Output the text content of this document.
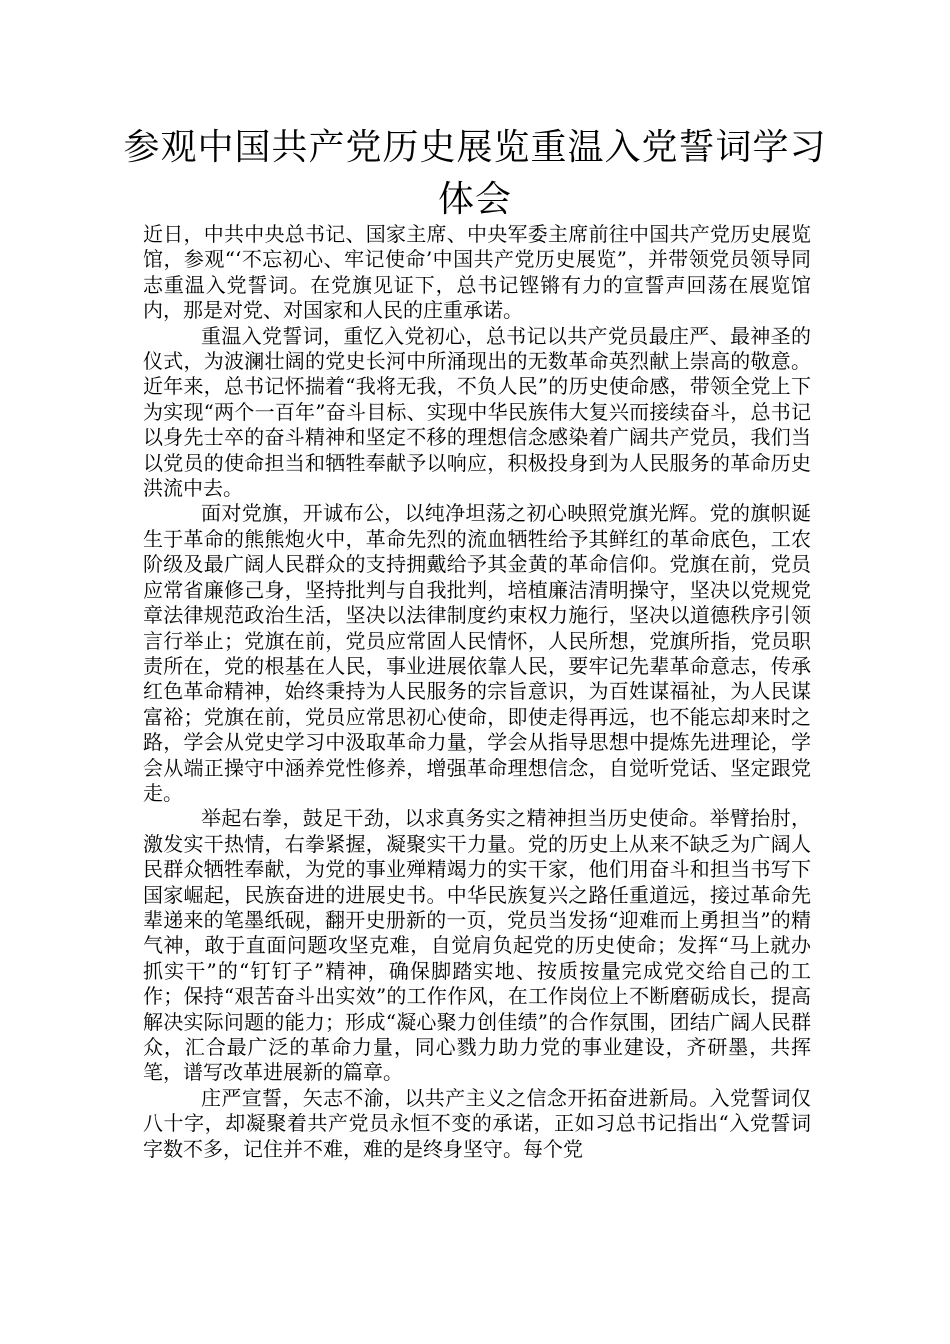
参观中国共产党历史展览重温入党誓词学习体会

近日，中共中央总书记、国家主席、中央军委主席前往中国共产党历史展览馆，参观“‘不忘初心、牢记使命’中国共产党历史展览”，并带领党员领导同志重温入党誓词。在党旗见证下，总书记铿锵有力的宣誓声回荡在展览馆内，那是对党、对国家和人民的庄重承诺。

重温入党誓词，重忆入党初心，总书记以共产党员最庄严、最神圣的仪式，为波澜壮阔的党史长河中所涌现出的无数革命英烈献上崇高的敬意。近年来，总书记怀揣着“我将无我，不负人民”的历史使命感，带领全党上下为实现“两个一百年”奋斗目标、实现中华民族伟大复兴而接续奋斗，总书记以身先士卒的奋斗精神和坚定不移的理想信念感染着广阔共产党员，我们当以党员的使命担当和牺牲奉献予以响应，积极投身到为人民服务的革命历史洪流中去。

面对党旗，开诚布公，以纯净坦荡之初心映照党旗光辉。党的旗帜诞生于革命的熊熊炮火中，革命先烈的流血牺牲给予其鲜红的革命底色，工农阶级及最广阔人民群众的支持拥戴给予其金黄的革命信仰。党旗在前，党员应常省廉修己身，坚持批判与自我批判，培植廉洁清明操守，坚决以党规党章法律规范政治生活，坚决以法律制度约束权力施行，坚决以道德秩序引领言行举止；党旗在前，党员应常固人民情怀，人民所想，党旗所指，党员职责所在，党的根基在人民，事业进展依靠人民，要牢记先辈革命意志，传承红色革命精神，始终秉持为人民服务的宗旨意识，为百姓谋福祉，为人民谋富裕；党旗在前，党员应常思初心使命，即使走得再远，也不能忘却来时之路，学会从党史学习中汲取革命力量，学会从指导思想中提炼先进理论，学会从端正操守中涵养党性修养，增强革命理想信念，自觉听党话、坚定跟党走。

举起右拳，鼓足干劲，以求真务实之精神担当历史使命。举臂抬肘，激发实干热情，右拳紧握，凝聚实干力量。党的历史上从来不缺乏为广阔人民群众牺牲奉献，为党的事业殚精竭力的实干家，他们用奋斗和担当书写下国家崛起，民族奋进的进展史书。中华民族复兴之路任重道远，接过革命先辈递来的笔墨纸砚，翻开史册新的一页，党员当发扬“迎难而上勇担当”的精气神，敢于直面问题攻坚克难，自觉肩负起党的历史使命；发挥“马上就办抓实干”的“钉钉子”精神，确保脚踏实地、按质按量完成党交给自己的工作；保持“艰苦奋斗出实效”的工作作风，在工作岗位上不断磨砺成长，提高解决实际问题的能力；形成“凝心聚力创佳绩”的合作氛围，团结广阔人民群众，汇合最广泛的革命力量，同心戮力助力党的事业建设，齐研墨，共挥笔，谱写改革进展新的篇章。

庄严宣誓，矢志不渝，以共产主义之信念开拓奋进新局。入党誓词仅八十字，却凝聚着共产党员永恒不变的承诺，正如习总书记指出“入党誓词字数不多，记住并不难，难的是终身坚守。每个党
